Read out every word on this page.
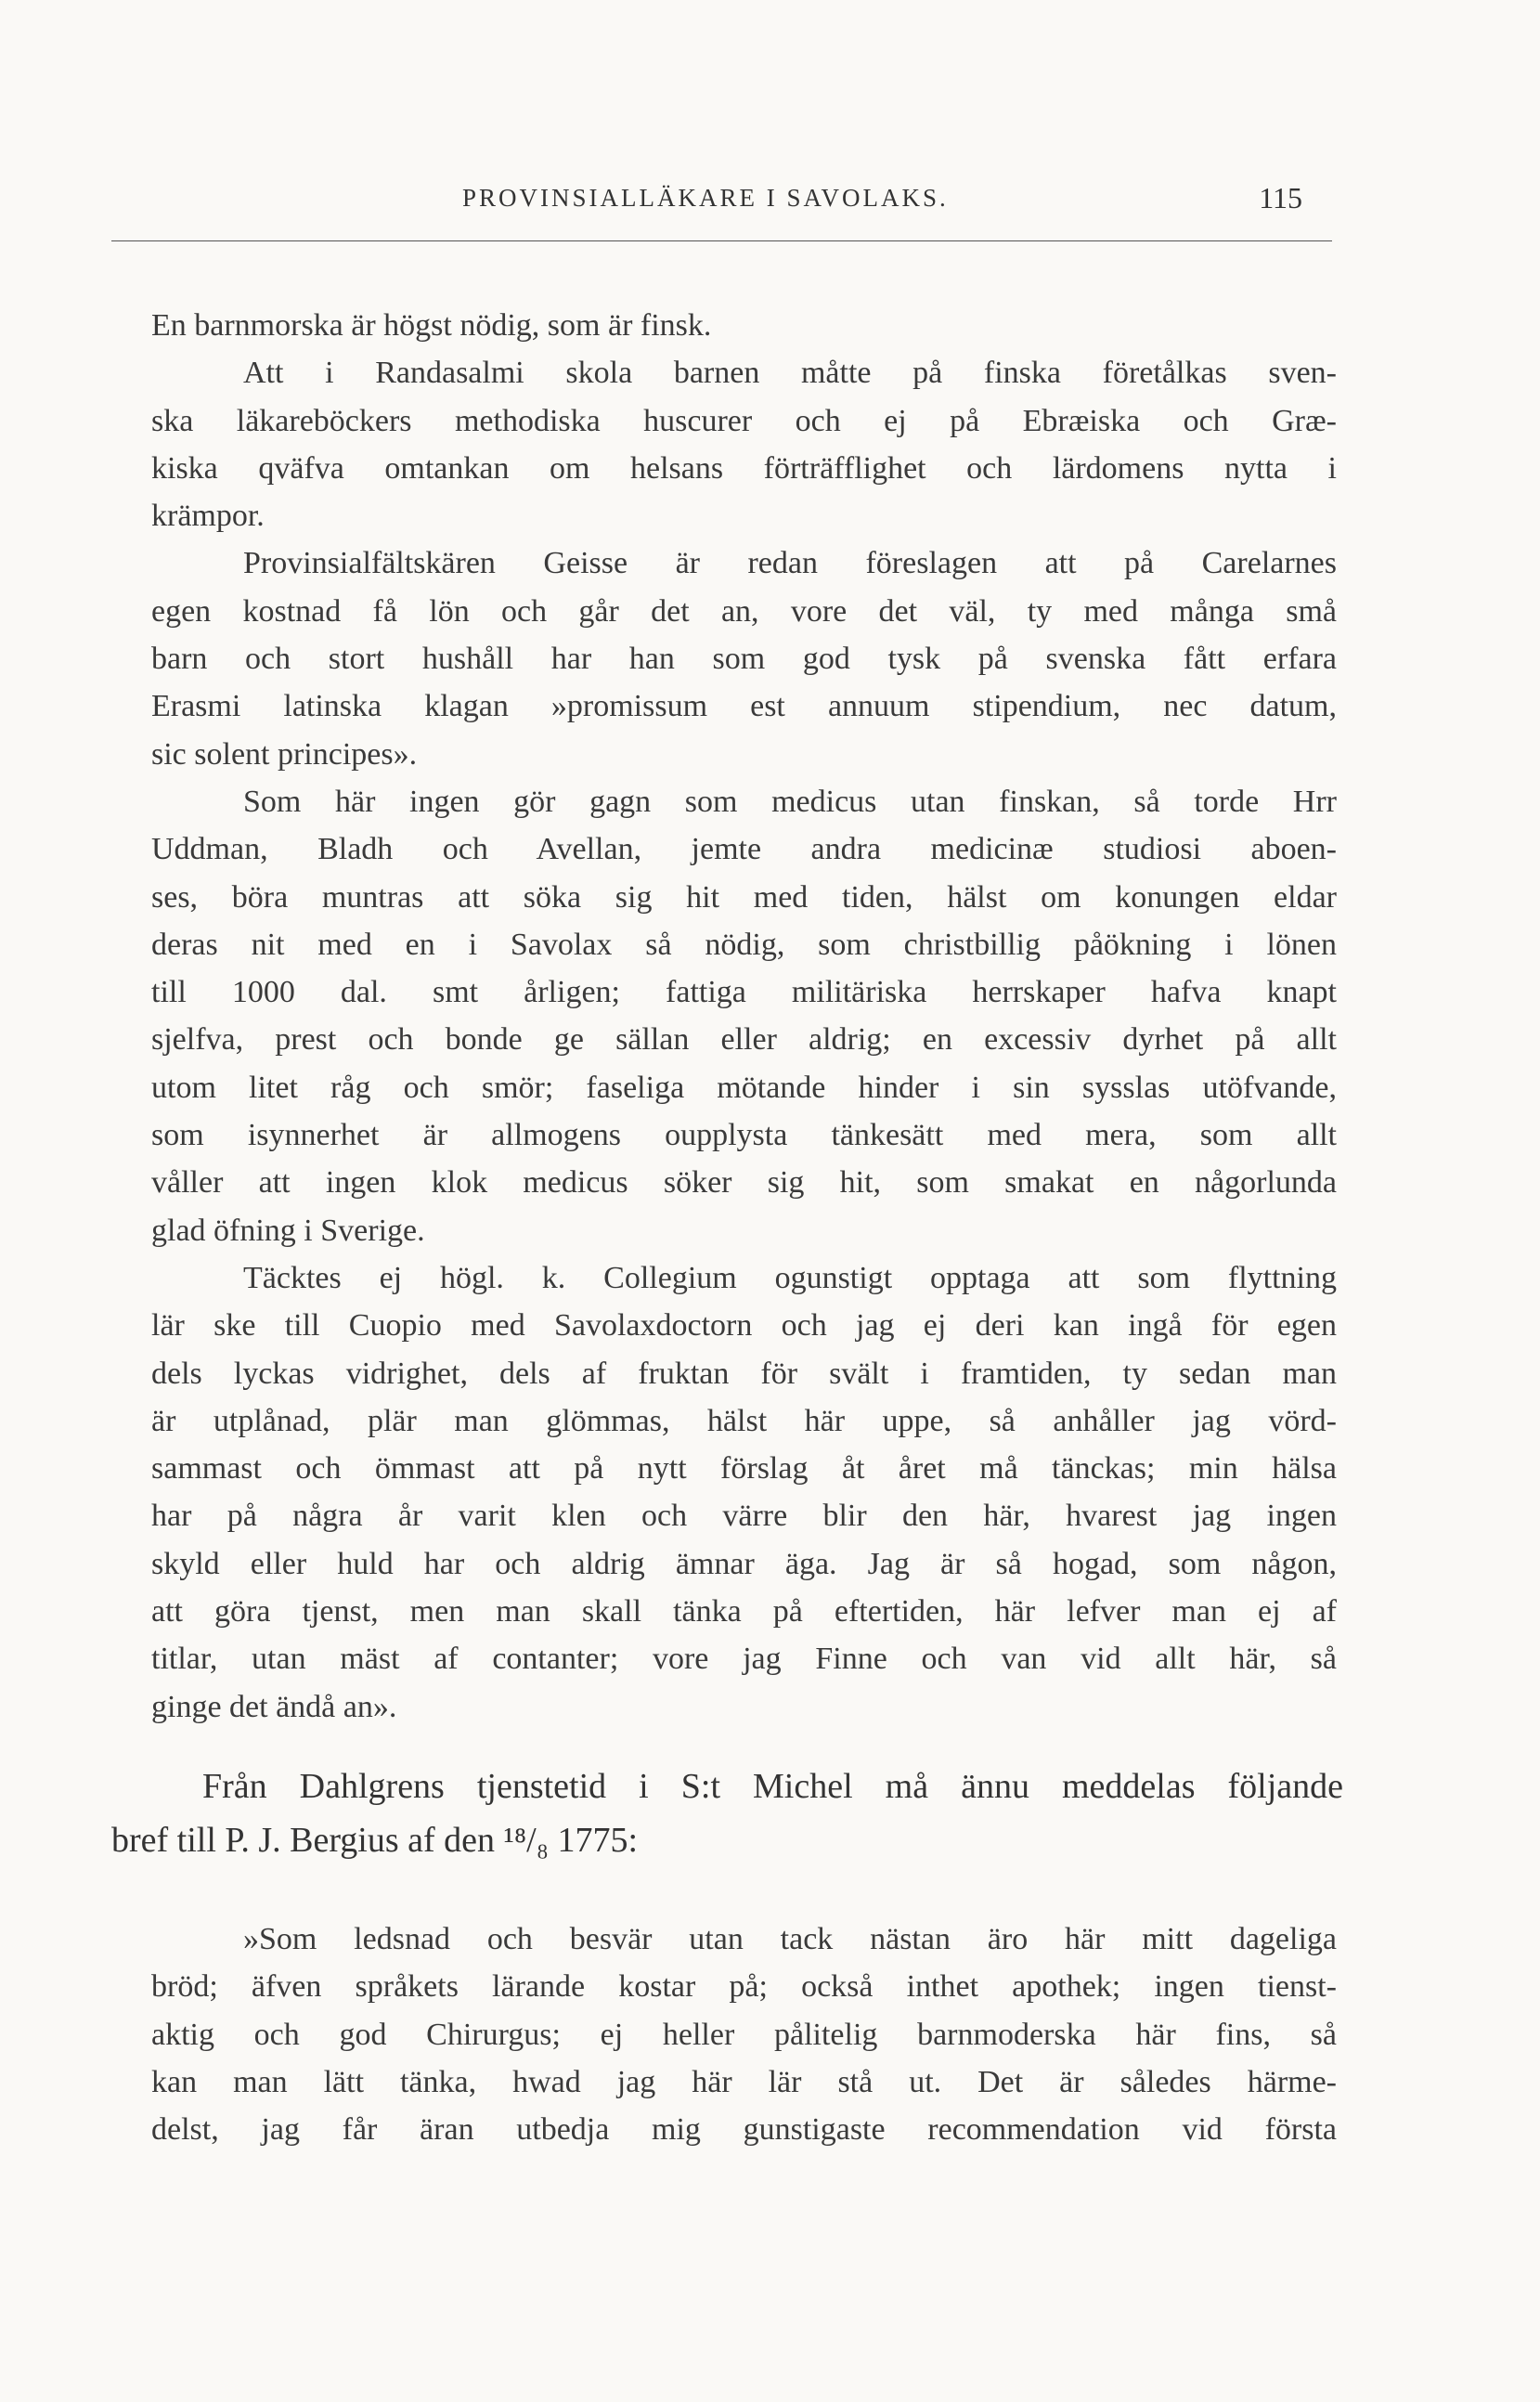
PROVINSIALLÄKARE I SAVOLAKS.	115
En barnmorska är högst nödig, som är finsk.
Att i Randasalmi skola barnen måtte på finska företålkas sven-
ska läkareböckers methodiska huscurer och ej på Ebræiska och Græ-
kiska qväfva omtankan om helsans förträfflighet och lärdomens nytta i
krämpor.
Provinsialfältskären Geisse är redan föreslagen att på Carelarnes
egen kostnad få lön och går det an, vore det väl, ty med många små
barn och stort hushåll har han som god tysk på svenska fått erfara
Erasmi latinska klagan »promissum est annuum stipendium, nec datum,
sic solent principes».
Som här ingen gör gagn som medicus utan finskan, så torde Hrr
Uddman, Bladh och Avellan, jemte andra medicinæ studiosi aboen-
ses, böra muntras att söka sig hit med tiden, hälst om konungen eldar
deras nit med en i Savolax så nödig, som christbillig påökning i lönen
till 1000 dal. smt årligen; fattiga militäriska herrskaper hafva knapt
sjelfva, prest och bonde ge sällan eller aldrig; en excessiv dyrhet på allt
utom litet råg och smör; faseliga mötande hinder i sin sysslas utöfvande,
som isynnerhet är allmogens oupplysta tänkesätt med mera, som allt
våller att ingen klok medicus söker sig hit, som smakat en någorlunda
glad öfning i Sverige.
Täcktes ej högl. k. Collegium ogunstigt opptaga att som flyttning
lär ske till Cuopio med Savolaxdoctorn och jag ej deri kan ingå för egen
dels lyckas vidrighet, dels af fruktan för svält i framtiden, ty sedan man
är utplånad, plär man glömmas, hälst här uppe, så anhåller jag vörd-
sammast och ömmast att på nytt förslag åt året må tänckas; min hälsa
har på några år varit klen och värre blir den här, hvarest jag ingen
skyld eller huld har och aldrig ämnar äga. Jag är så hogad, som någon,
att göra tjenst, men man skall tänka på eftertiden, här lefver man ej af
titlar, utan mäst af contanter; vore jag Finne och van vid allt här, så
ginge det ändå an».
Från Dahlgrens tjenstetid i S:t Michel må ännu meddelas följande
bref till P. J. Bergius af den ¹⁸/₈ 1775:
»Som ledsnad och besvär utan tack nästan äro här mitt dageliga
bröd; äfven språkets lärande kostar på; också inthet apothek; ingen tienst-
aktig och god Chirurgus; ej heller pålitelig barnmoderska här fins, så
kan man lätt tänka, hwad jag här lär stå ut. Det är således härme-
delst, jag får äran utbedja mig gunstigaste recommendation vid första
